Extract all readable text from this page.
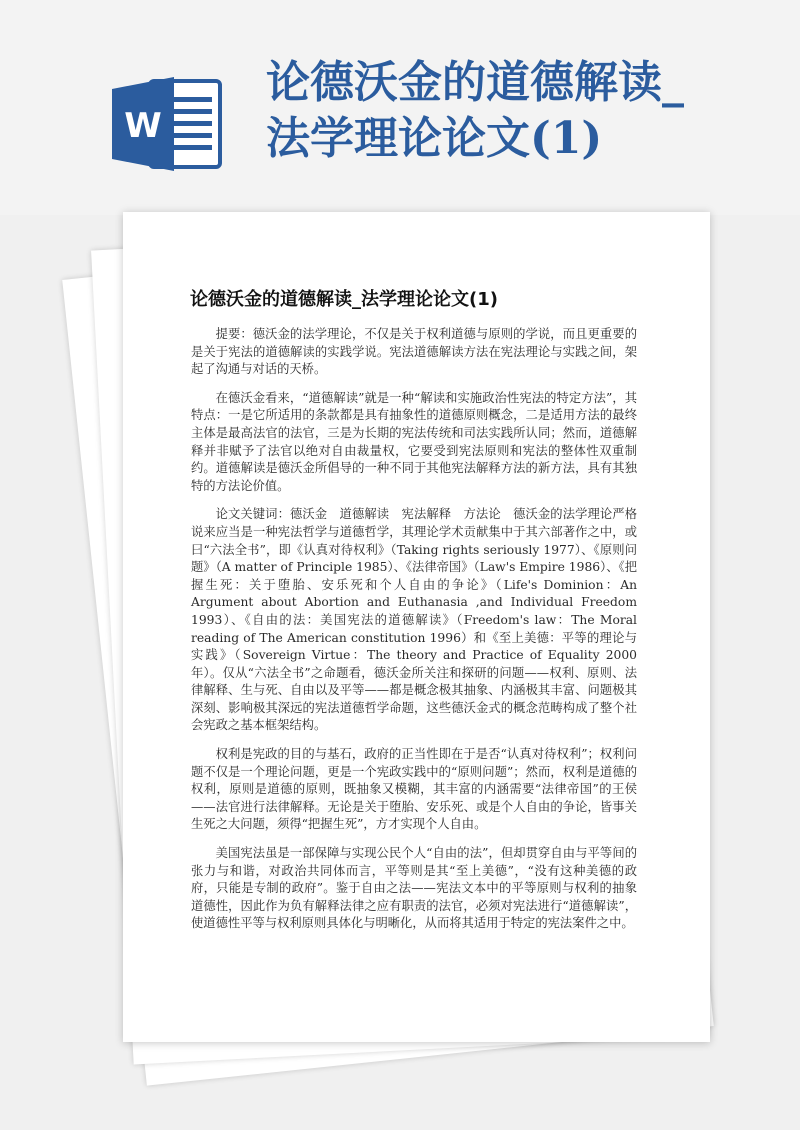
W
论德沃金的道德解读_
法学理论论文(1)
论德沃金的道德解读_法学理论论文(1)

提要：德沃金的法学理论，不仅是关于权利道德与原则的学说，而且更重要的是关于宪法的道德解读的实践学说。宪法道德解读方法在宪法理论与实践之间，架起了沟通与对话的天桥。

在德沃金看来，“道德解读”就是一种“解读和实施政治性宪法的特定方法”，其特点：一是它所适用的条款都是具有抽象性的道德原则概念，二是适用方法的最终主体是最高法官的法官，三是为长期的宪法传统和司法实践所认同；然而，道德解释并非赋予了法官以绝对自由裁量权，它要受到宪法原则和宪法的整体性双重制约。道德解读是德沃金所倡导的一种不同于其他宪法解释方法的新方法，具有其独特的方法论价值。

论文关键词：德沃金　道德解读　宪法解释　方法论　德沃金的法学理论严格说来应当是一种宪法哲学与道德哲学，其理论学术贡献集中于其六部著作之中，或曰“六法全书”，即《认真对待权利》（Taking rights seriously 1977）、《原则问题》（A matter of Principle 1985）、《法律帝国》（Law's Empire 1986）、《把握生死：关于堕胎、安乐死和个人自由的争论》（Life's Dominion：An Argument about Abortion and Euthanasia ,and Individual Freedom 1993）、《自由的法：美国宪法的道德解读》（Freedom's law：The Moral reading of The American constitution 1996）和《至上美德：平等的理论与实践》（Sovereign Virtue：The theory and Practice of Equality 2000年）。仅从“六法全书”之命题看，德沃金所关注和探研的问题——权利、原则、法律解释、生与死、自由以及平等——都是概念极其抽象、内涵极其丰富、问题极其深刻、影响极其深远的宪法道德哲学命题，这些德沃金式的概念范畴构成了整个社会宪政之基本框架结构。

权利是宪政的目的与基石，政府的正当性即在于是否“认真对待权利”；权利问题不仅是一个理论问题，更是一个宪政实践中的“原则问题”；然而，权利是道德的权利，原则是道德的原则，既抽象又模糊，其丰富的内涵需要“法律帝国”的王侯——法官进行法律解释。无论是关于堕胎、安乐死、或是个人自由的争论，皆事关生死之大问题，须得“把握生死”，方才实现个人自由。

美国宪法虽是一部保障与实现公民个人“自由的法”，但却贯穿自由与平等间的张力与和谐，对政治共同体而言，平等则是其“至上美德”，“没有这种美德的政府，只能是专制的政府”。鉴于自由之法——宪法文本中的平等原则与权利的抽象道德性，因此作为负有解释法律之应有职责的法官，必须对宪法进行“道德解读”，使道德性平等与权利原则具体化与明晰化，从而将其适用于特定的宪法案件之中。
